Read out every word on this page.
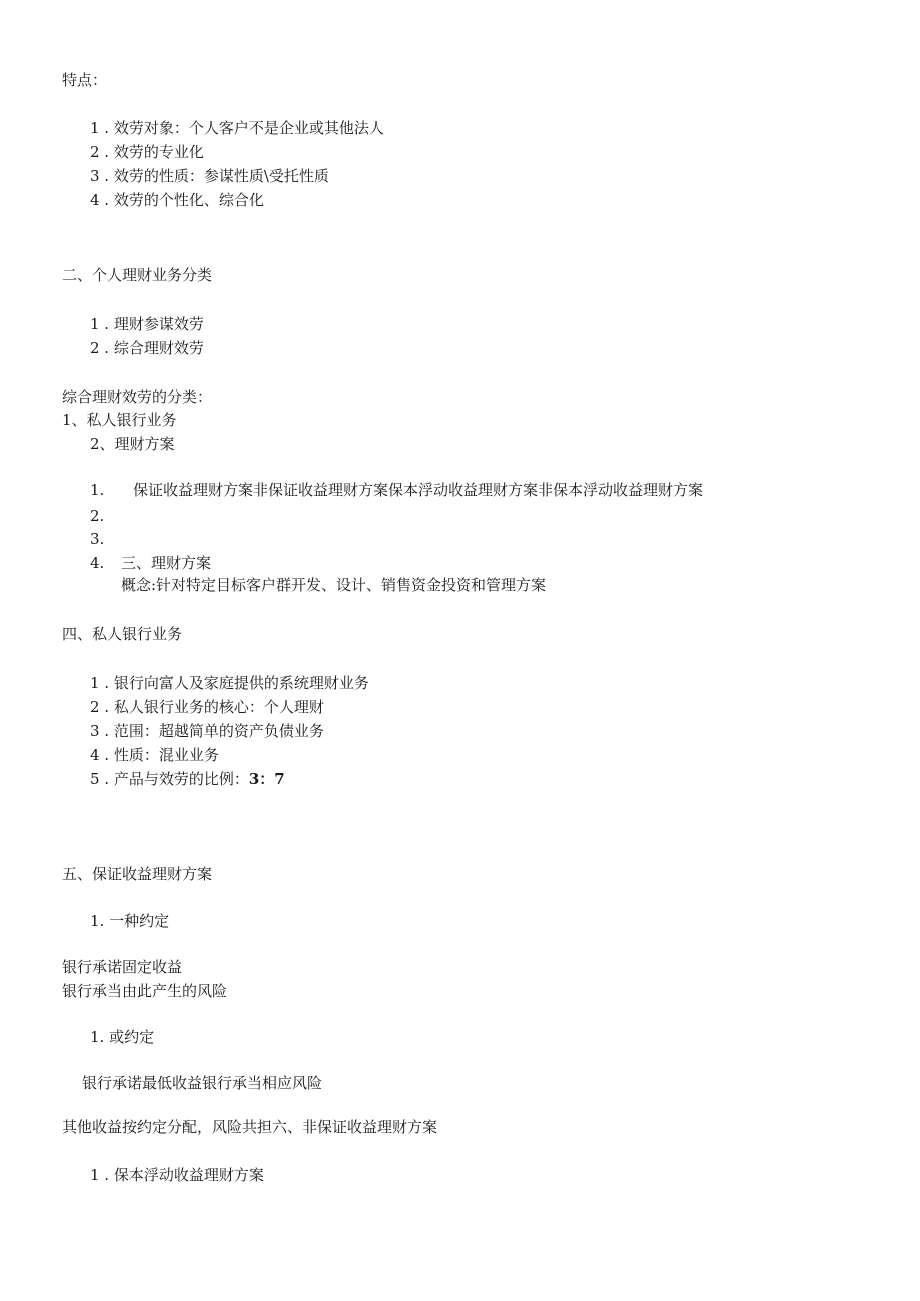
特点：

1 . 效劳对象：个人客户不是企业或其他法人

2 . 效劳的专业化

3 . 效劳的性质：参谋性质\受托性质

4 . 效劳的个性化、综合化

二、个人理财业务分类

1 . 理财参谋效劳

2 . 综合理财效劳

综合理财效劳的分类：

1、私人银行业务

2、理财方案

1. 保证收益理财方案非保证收益理财方案保本浮动收益理财方案非保本浮动收益理财方案

2.

3.

4. 三、理财方案

概念:针对特定目标客户群开发、设计、销售资金投资和管理方案

四、私人银行业务

1 . 银行向富人及家庭提供的系统理财业务

2 . 私人银行业务的核心：个人理财

3 . 范围：超越简单的资产负债业务

4 . 性质：混业业务

5 . 产品与效劳的比例：3：7

五、保证收益理财方案

1. 一种约定

银行承诺固定收益

银行承当由此产生的风险

1. 或约定

银行承诺最低收益银行承当相应风险

其他收益按约定分配，风险共担六、非保证收益理财方案

1 . 保本浮动收益理财方案
